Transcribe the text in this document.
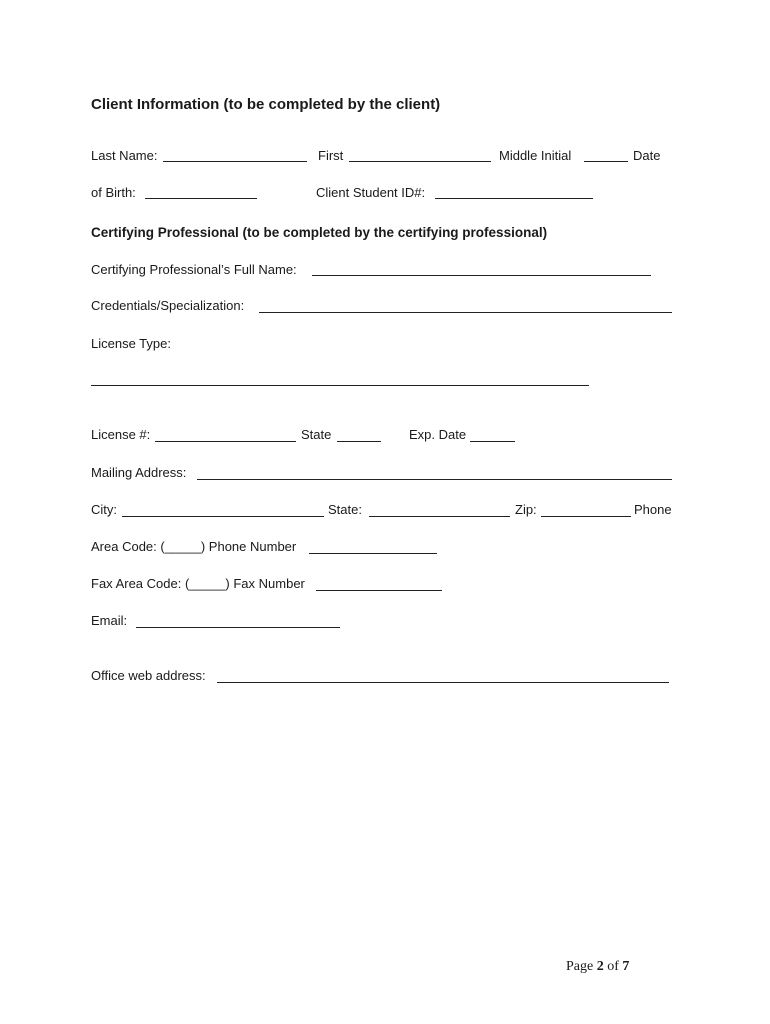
Client Information (to be completed by the client)
Last Name:	First	Middle Initial	Date
of Birth:	Client Student ID#:
Certifying Professional (to be completed by the certifying professional)
Certifying Professional’s Full Name:
Credentials/Specialization:
License Type:
License #:	State	Exp. Date
Mailing Address:
City:	State:	Zip:	Phone
Area Code: (_____) Phone Number
Fax Area Code: (_____) Fax Number
Email:
Office web address:
Page 2 of 7
